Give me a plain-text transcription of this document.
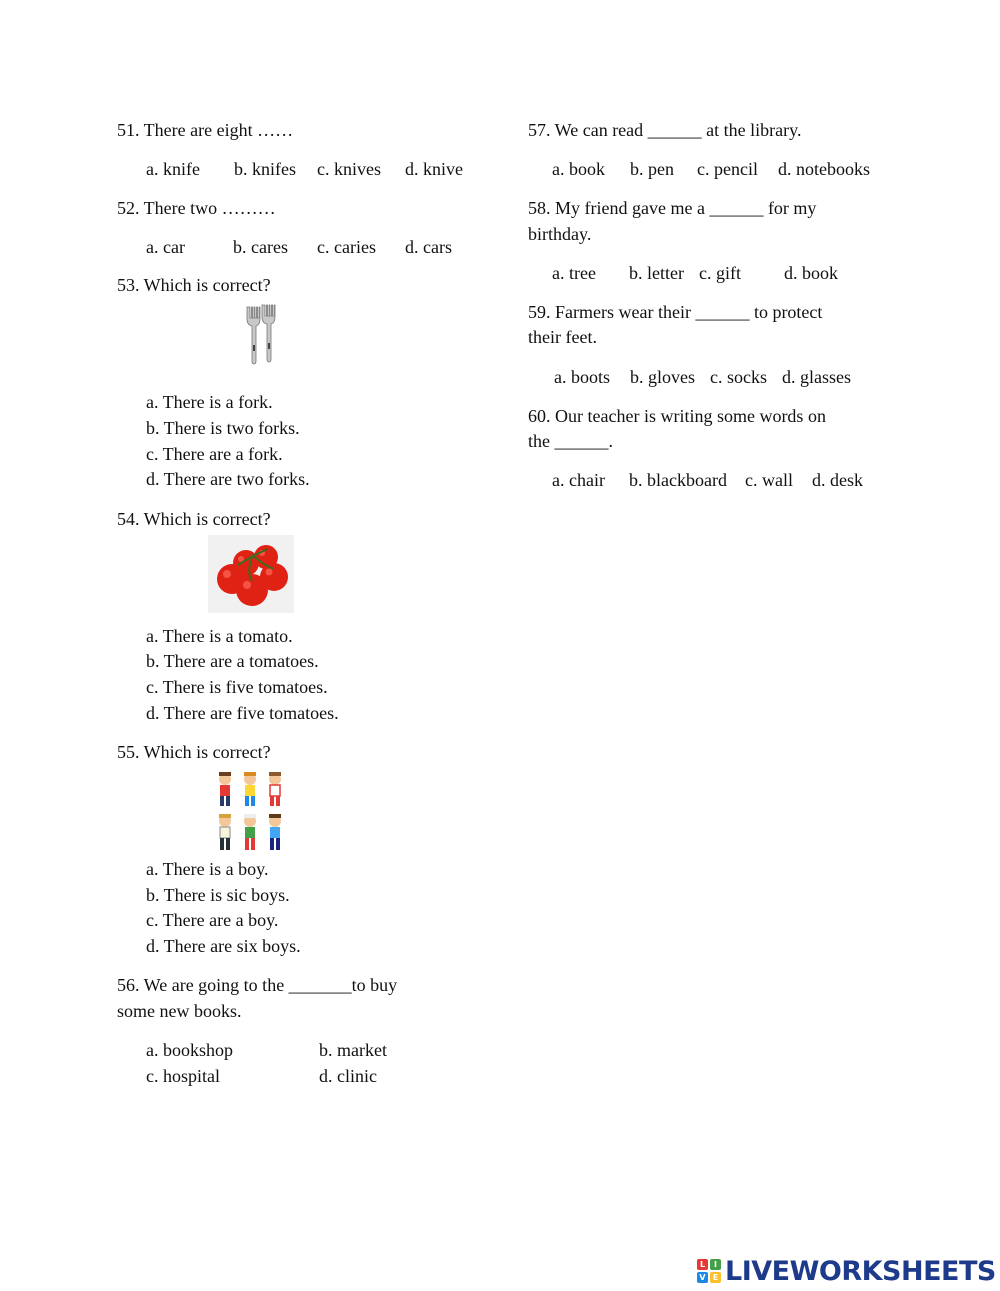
51. There are eight ……
a. knife b. knifes c. knives d. knive
52. There two ………
a. car	b. cares c. caries d. cars
53. Which is correct?
a. There is a fork.
b. There is two forks.
c. There are a fork.
d. There are two forks.
54. Which is correct?
a. There is a tomato.
b. There are a tomatoes.
c. There is five tomatoes.
d. There are five tomatoes.
55. Which is correct?
a. There is a boy.
b. There is sic boys.
c. There are a boy.
d. There are six boys.
56. We are going to the _______to buy
some new books.
a. bookshop	b. market
c. hospital	d. clinic
57. We can read ______ at the library.
a. book b. pen c. pencil d. notebooks
58. My friend gave me a ______ for my
birthday.
a. tree b. letter c. gift d. book
59. Farmers wear their ______ to protect
their feet.
a. boots b. gloves c. socks d. glasses
60. Our teacher is writing some words on
the ______.
a. chair b. blackboard c. wall d. desk
L	I
V E LIVEWORKSHEETS
